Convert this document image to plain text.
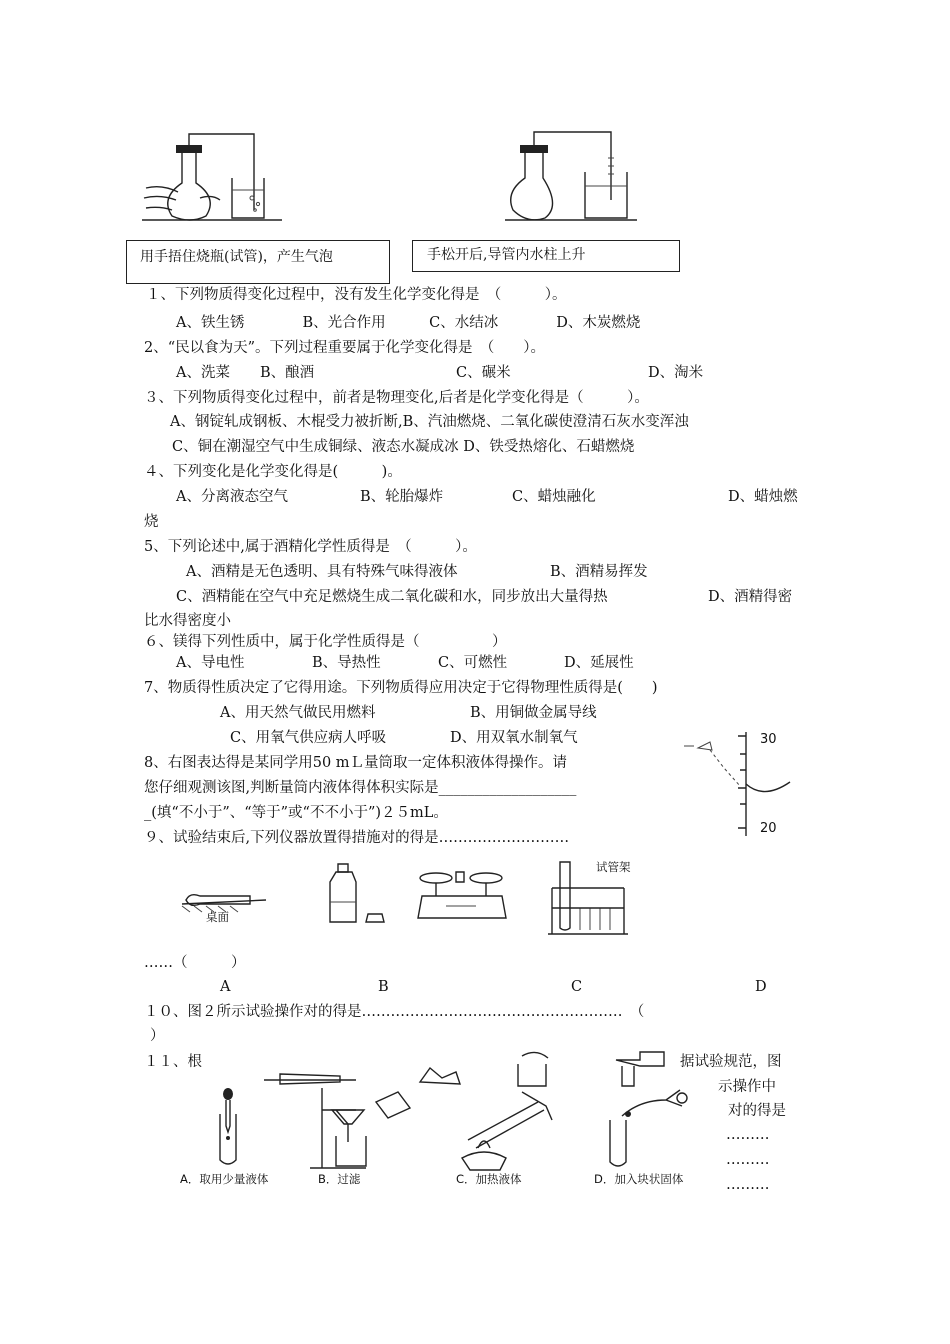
用手捂住烧瓶(试管)，产生气泡	手松开后,导管内水柱上升
１、下列物质得变化过程中，没有发生化学变化得是　（　　　）。
A、铁生锈　　　　B、光合作用　　　C、水结冰　　　　D、木炭燃烧
2、“民以食为天”。下列过程重要属于化学变化得是　（　　）。
A、洗菜 B、酿酒	C、碾米	D、淘米
３、下列物质得变化过程中，前者是物理变化,后者是化学变化得是（　　　）。
A、钢锭轧成钢板、木棍受力被折断,B、汽油燃烧、二氧化碳使澄清石灰水变浑浊
C、铜在潮湿空气中生成铜绿、液态水凝成冰 D、铁受热熔化、石蜡燃烧
４、下列变化是化学变化得是(　　　)。
A、分离液态空气	B、轮胎爆炸	C、蜡烛融化	D、蜡烛燃
烧
5、下列论述中,属于酒精化学性质得是　（　　　）。
A、酒精是无色透明、具有特殊气味得液体	B、酒精易挥发
C、酒精能在空气中充足燃烧生成二氧化碳和水，同步放出大量得热	D、酒精得密
比水得密度小
６、镁得下列性质中，属于化学性质得是（　　　　　）
A、导电性	B、导热性	C、可燃性	D、延展性
7、物质得性质决定了它得用途。下列物质得应用决定于它得物理性质得是(　　)
A、用天然气做民用燃料	B、用铜做金属导线
C、用氧气供应病人呼吸	D、用双氧水制氧气
8、右图表达得是某同学用50 mＬ量筒取一定体积液体得操作。请
您仔细观测该图,判断量筒内液体得体积实际是___________________
_(填“不小于”、“等于”或“不不小于”)２５mL。
30
20
９、试验结束后,下列仪器放置得措施对的得是………………………
桌面
试管架
……（　　　）
A	B	C	D
１０、图２所示试验操作对的得是………………………………………………　（
）
１１、根	据试验规范，图
示操作中
对的得是
………
………
………
A．取用少量液体	B．过滤	C．加热液体	D．加入块状固体
